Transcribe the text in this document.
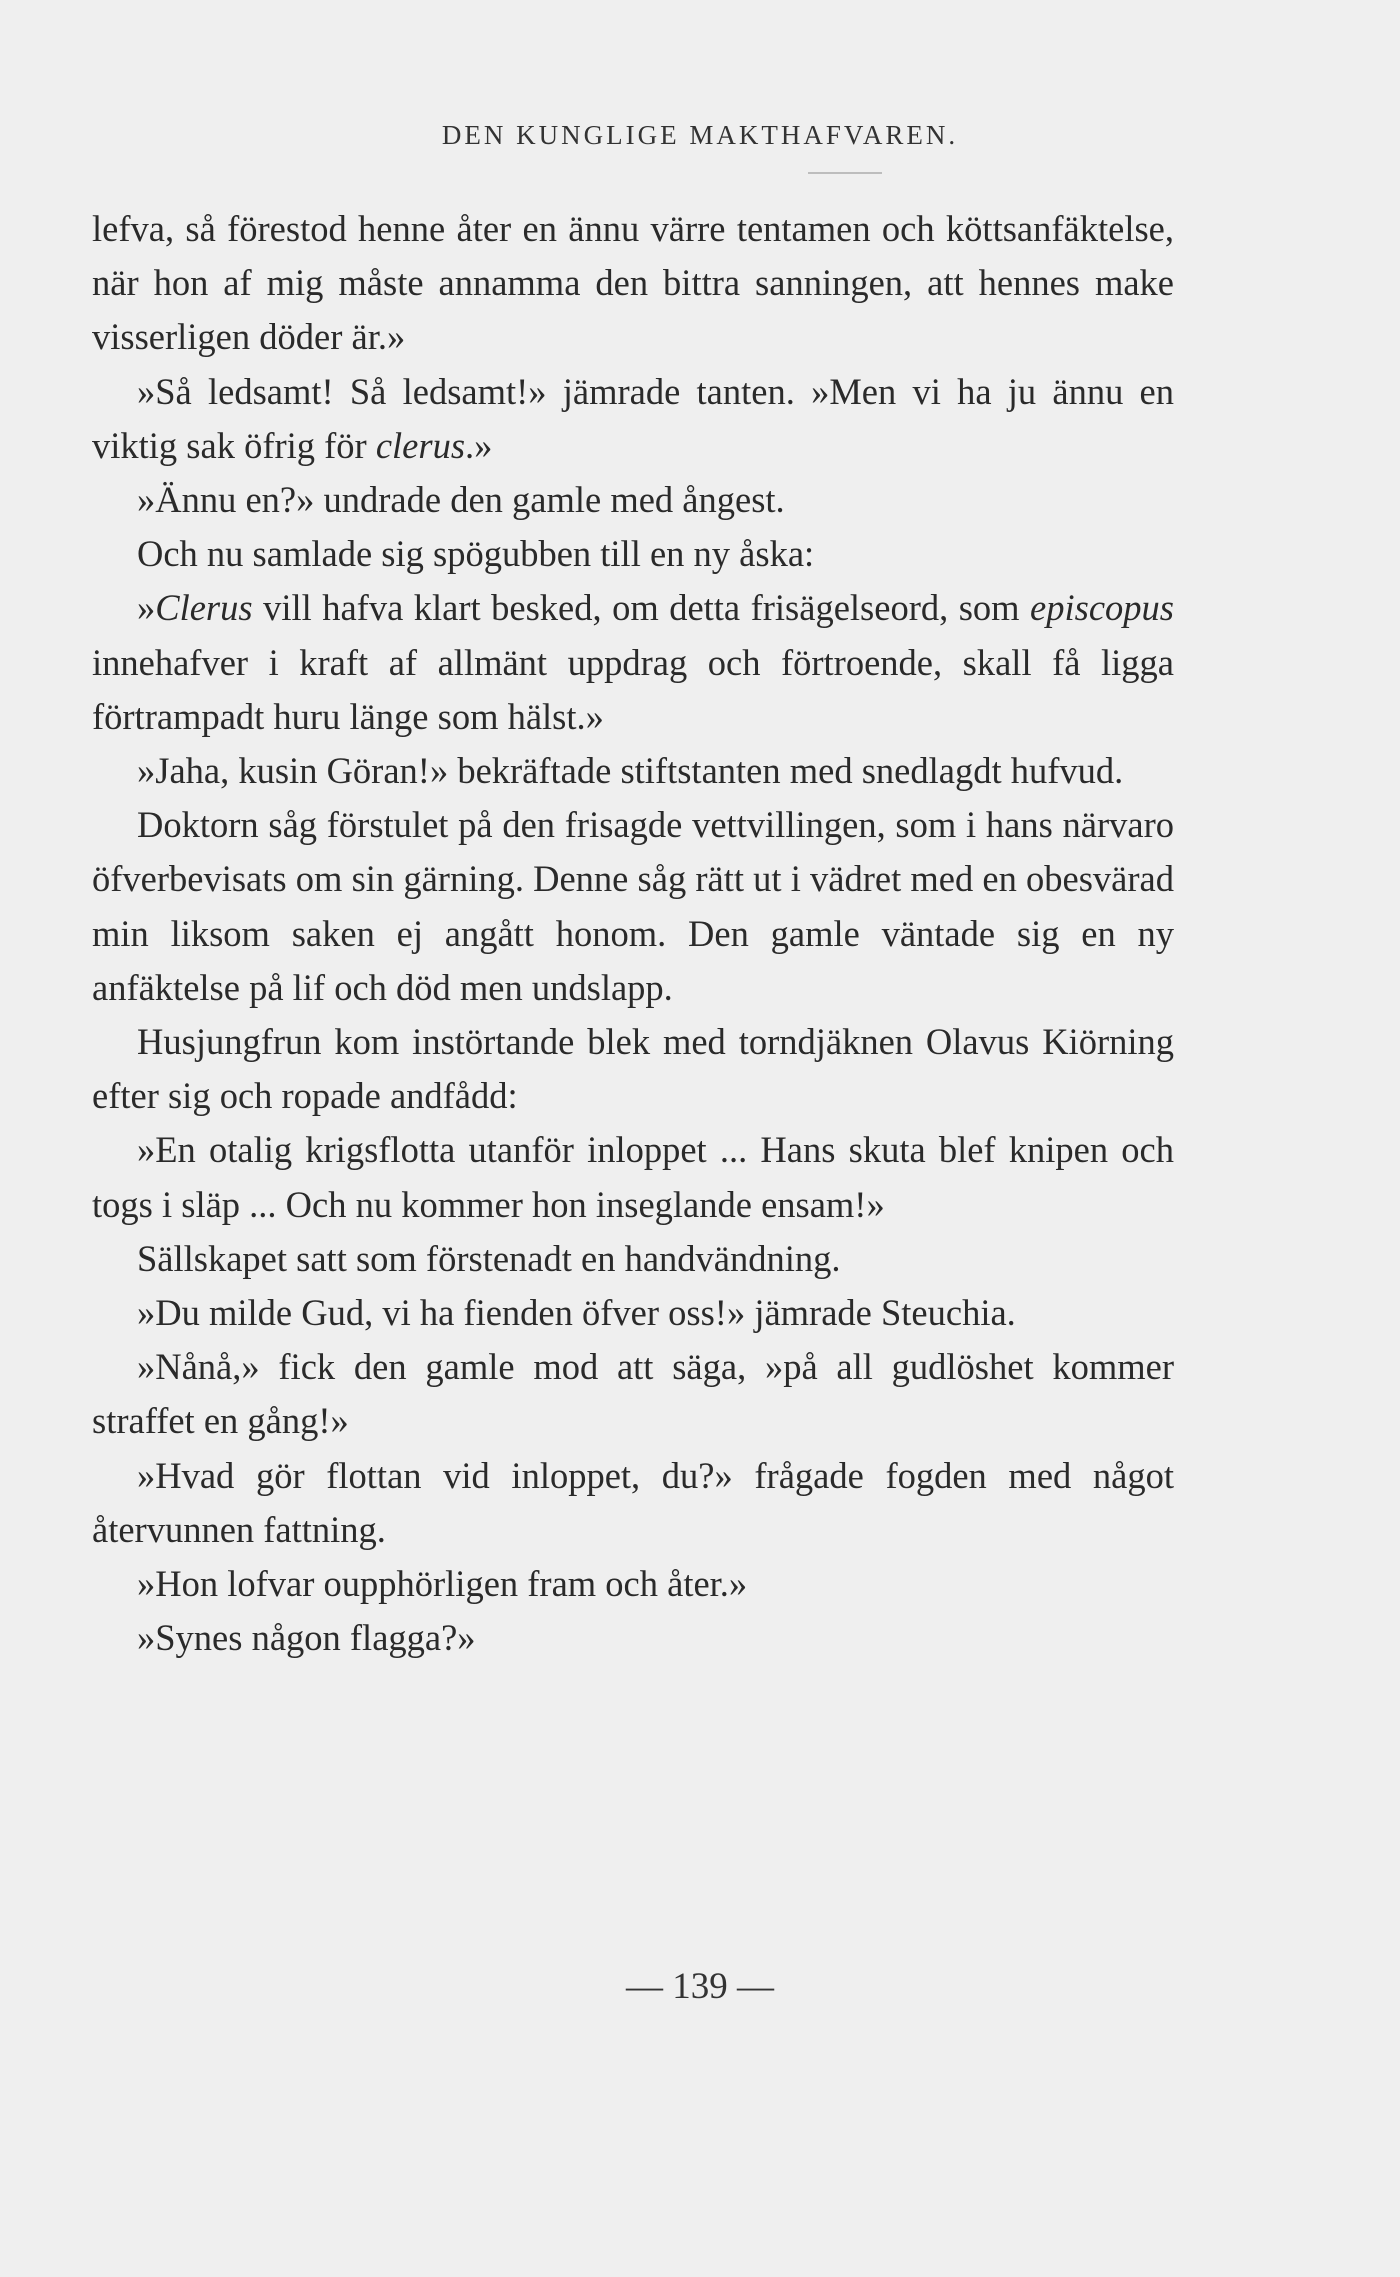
DEN KUNGLIGE MAKTHAFVAREN.

lefva, så förestod henne åter en ännu värre tentamen och köttsanfäktelse, när hon af mig måste annamma den bittra sanningen, att hennes make visserligen döder är.»

»Så ledsamt! Så ledsamt!» jämrade tanten. »Men vi ha ju ännu en viktig sak öfrig för clerus.»

»Ännu en?» undrade den gamle med ångest.

Och nu samlade sig spögubben till en ny åska:

»Clerus vill hafva klart besked, om detta frisägelseord, som episcopus innehafver i kraft af allmänt uppdrag och förtroende, skall få ligga förtrampadt huru länge som hälst.»

»Jaha, kusin Göran!» bekräftade stiftstanten med snedlagdt hufvud.

Doktorn såg förstulet på den frisagde vettvillingen, som i hans närvaro öfverbevisats om sin gärning. Denne såg rätt ut i vädret med en obesvärad min liksom saken ej angått honom. Den gamle väntade sig en ny anfäktelse på lif och död men undslapp.

Husjungfrun kom instörtande blek med torndjäknen Olavus Kiörning efter sig och ropade andfådd:

»En otalig krigsflotta utanför inloppet ... Hans skuta blef knipen och togs i släp ... Och nu kommer hon inseglande ensam!»

Sällskapet satt som förstenadt en handvändning.

»Du milde Gud, vi ha fienden öfver oss!» jämrade Steuchia.

»Nånå,» fick den gamle mod att säga, »på all gudlöshet kommer straffet en gång!»

»Hvad gör flottan vid inloppet, du?» frågade fogden med något återvunnen fattning.

»Hon lofvar oupphörligen fram och åter.»

»Synes någon flagga?»

— 139 —
